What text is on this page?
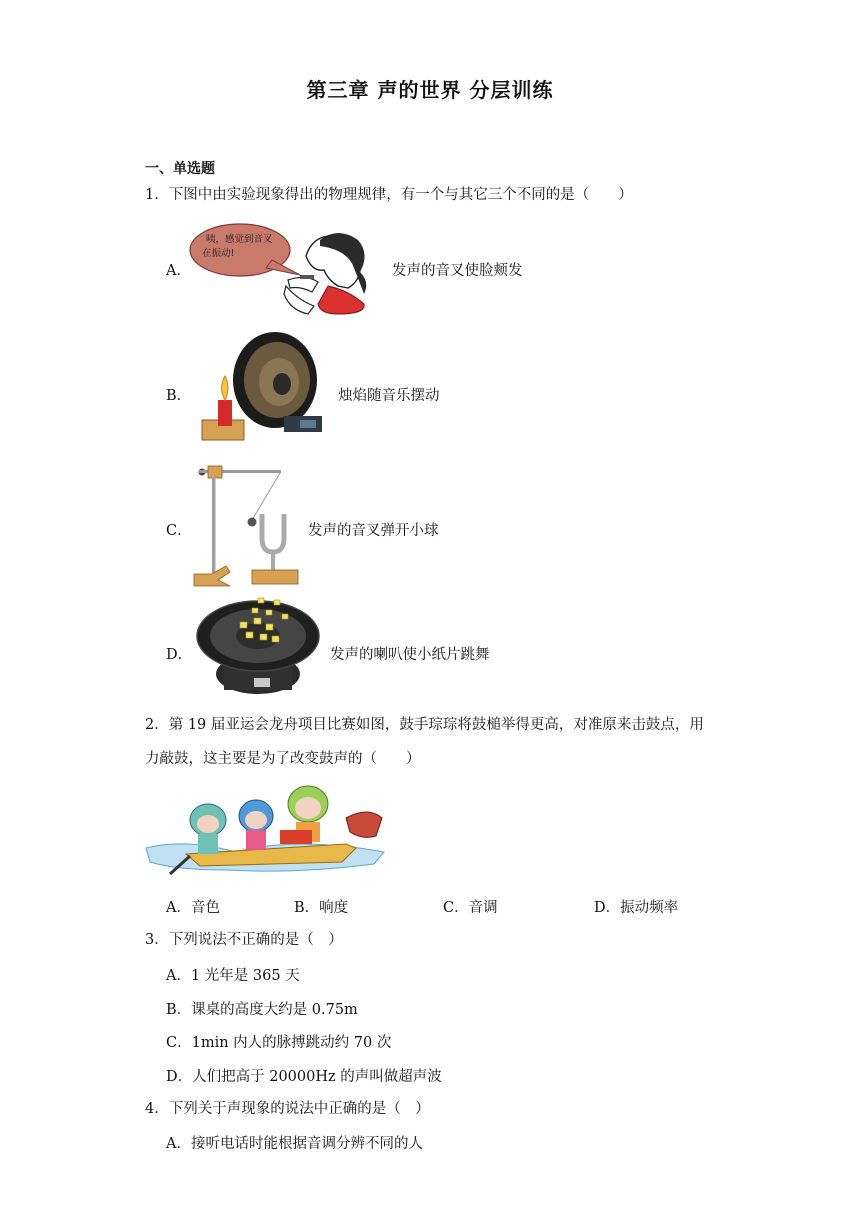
第三章 声的世界 分层训练
一、单选题
1．下图中由实验现象得出的物理规律，有一个与其它三个不同的是（　　）
A．
咦，感觉到音叉
在振动!
发声的音叉使脸颊发
B．	烛焰随音乐摆动
C．	发声的音叉弹开小球
D．	发声的喇叭使小纸片跳舞
2．第 19 届亚运会龙舟项目比赛如图，鼓手琮琮将鼓槌举得更高，对准原来击鼓点，用
力敲鼓，这主要是为了改变鼓声的（　　）
A．音色	B．响度	C．音调	D．振动频率
3．下列说法不正确的是（　）
A．1 光年是 365 天
B．课桌的高度大约是 0.75m
C．1min 内人的脉搏跳动约 70 次
D．人们把高于 20000Hz 的声叫做超声波
4．下列关于声现象的说法中正确的是（　）
A．接听电话时能根据音调分辨不同的人
